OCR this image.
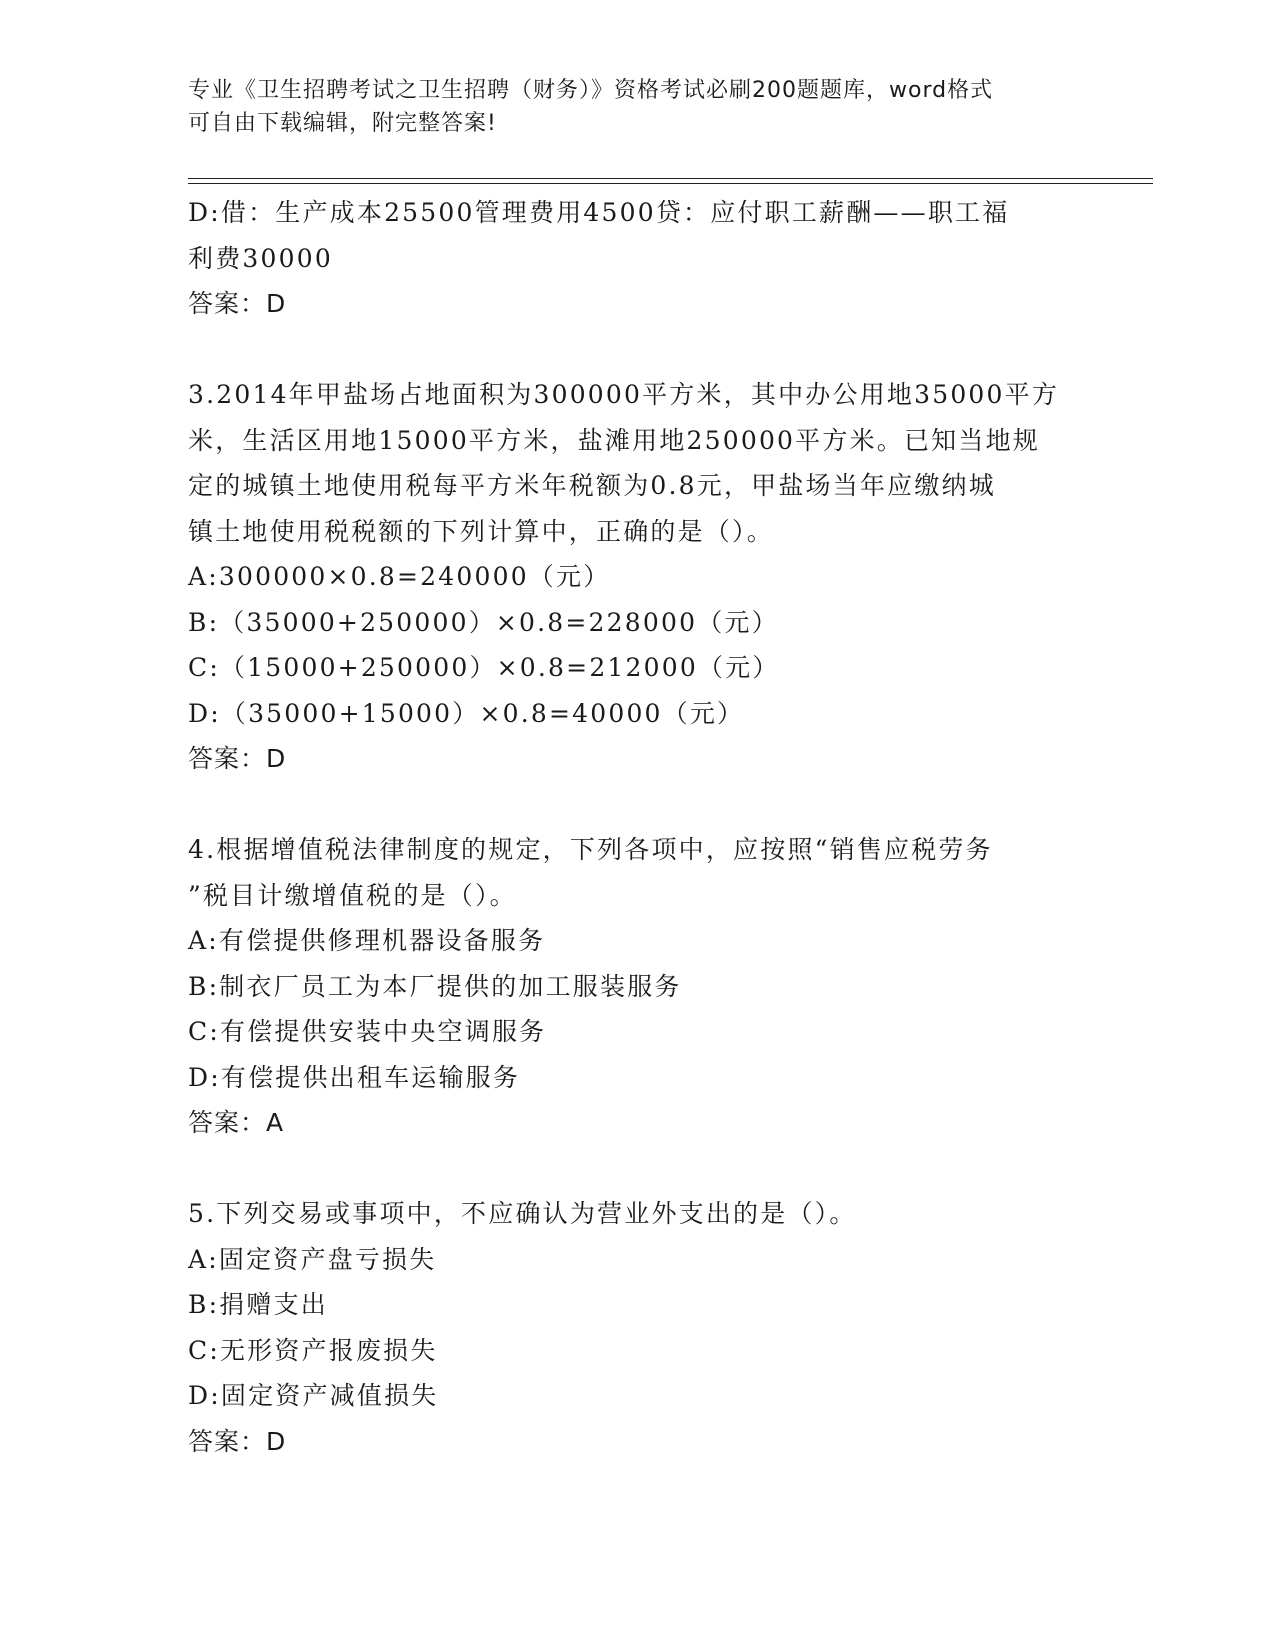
专业《卫生招聘考试之卫生招聘（财务）》资格考试必刷200题题库，word格式
可自由下载编辑，附完整答案!
D:借：生产成本25500管理费用4500贷：应付职工薪酬——职工福
利费30000
答案：D
3.2014年甲盐场占地面积为300000平方米，其中办公用地35000平方
米，生活区用地15000平方米，盐滩用地250000平方米。已知当地规
定的城镇土地使用税每平方米年税额为0.8元，甲盐场当年应缴纳城
镇土地使用税税额的下列计算中，正确的是（）。
A:300000×0.8=240000（元）
B:（35000+250000）×0.8=228000（元）
C:（15000+250000）×0.8=212000（元）
D:（35000+15000）×0.8=40000（元）
答案：D
4.根据增值税法律制度的规定，下列各项中，应按照“销售应税劳务
”税目计缴增值税的是（）。
A:有偿提供修理机器设备服务
B:制衣厂员工为本厂提供的加工服装服务
C:有偿提供安装中央空调服务
D:有偿提供出租车运输服务
答案：A
5.下列交易或事项中，不应确认为营业外支出的是（）。
A:固定资产盘亏损失
B:捐赠支出
C:无形资产报废损失
D:固定资产减值损失
答案：D
